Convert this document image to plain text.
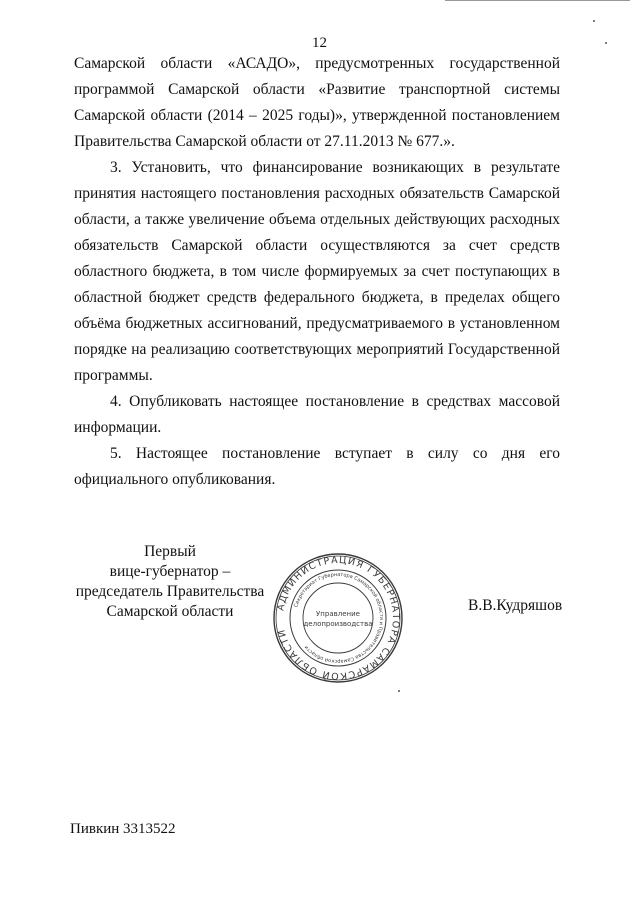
12
Самарской области «АСАДО», предусмотренных государственной
программой Самарской области «Развитие транспортной системы
Самарской области (2014 – 2025 годы)», утвержденной постановлением
Правительства Самарской области от 27.11.2013 № 677.».
3. Установить, что финансирование возникающих в результате
принятия настоящего постановления расходных обязательств Самарской
области, а также увеличение объема отдельных действующих расходных
обязательств Самарской области осуществляются за счет средств
областного бюджета, в том числе формируемых за счет поступающих в
областной бюджет средств федерального бюджета, в пределах общего
объёма бюджетных ассигнований, предусматриваемого в установленном
порядке на реализацию соответствующих мероприятий Государственной
программы.
4. Опубликовать настоящее постановление в средствах массовой
информации.
5. Настоящее постановление вступает в силу со дня его
официального опубликования.
Первый
вице-губернатор –
председатель Правительства
Самарской области	В.В.Кудряшов
АДМИНИСТРАЦИЯ ГУБЕРНАТОРА САМАРСКОЙ ОБЛАСТИ
Секретариат Губернатора Самарской области и Правительства Самарской области
Управление
делопроизводства
Пивкин 3313522
